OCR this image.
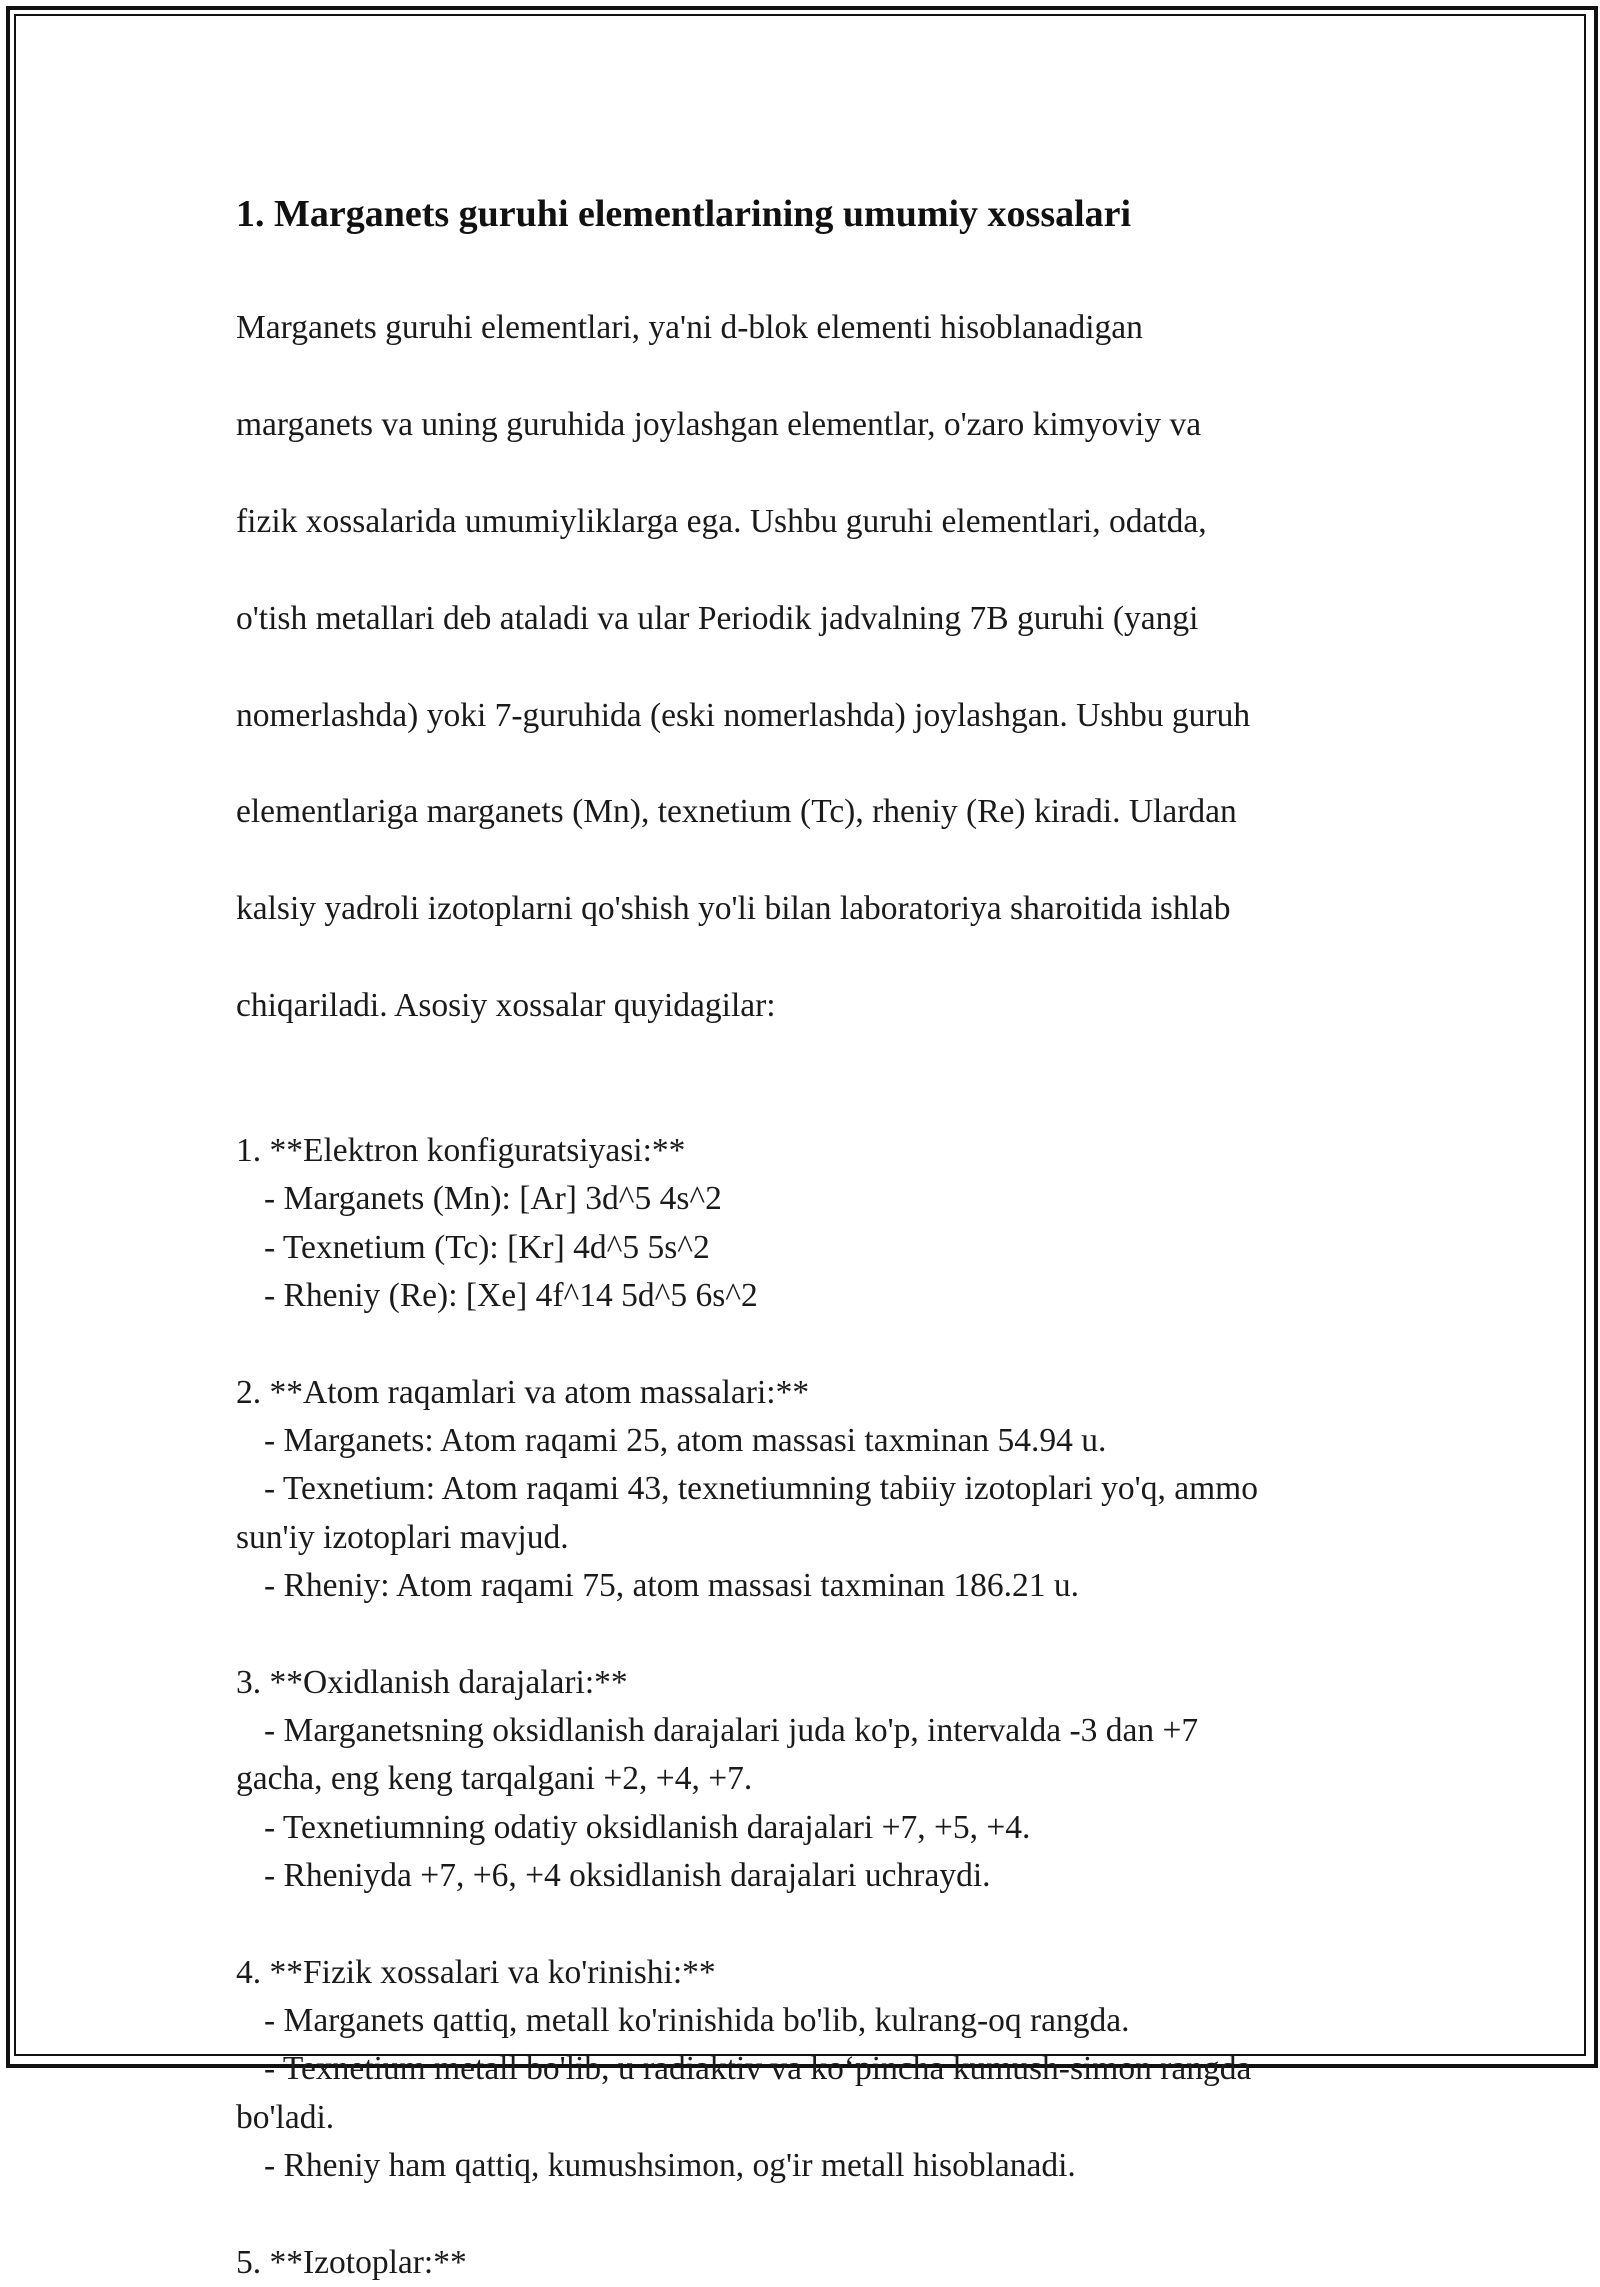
1. Marganets guruhi elementlarining umumiy xossalari

Marganets guruhi elementlari, ya'ni d-blok elementi hisoblanadigan

marganets va uning guruhida joylashgan elementlar, o'zaro kimyoviy va

fizik xossalarida umumiyliklarga ega. Ushbu guruhi elementlari, odatda,

o'tish metallari deb ataladi va ular Periodik jadvalning 7B guruhi (yangi

nomerlashda) yoki 7-guruhida (eski nomerlashda) joylashgan. Ushbu guruh

elementlariga marganets (Mn), texnetium (Tc), rheniy (Re) kiradi. Ulardan

kalsiy yadroli izotoplarni qo'shish yo'li bilan laboratoriya sharoitida ishlab

chiqariladi. Asosiy xossalar quyidagilar:

1. **Elektron konfiguratsiyasi:**
- Marganets (Mn): [Ar] 3d^5 4s^2
- Texnetium (Tc): [Kr] 4d^5 5s^2
- Rheniy (Re): [Xe] 4f^14 5d^5 6s^2
2. **Atom raqamlari va atom massalari:**
- Marganets: Atom raqami 25, atom massasi taxminan 54.94 u.
- Texnetium: Atom raqami 43, texnetiumning tabiiy izotoplari yo'q, ammo
sun'iy izotoplari mavjud.
- Rheniy: Atom raqami 75, atom massasi taxminan 186.21 u.
3. **Oxidlanish darajalari:**
- Marganetsning oksidlanish darajalari juda ko'p, intervalda -3 dan +7
gacha, eng keng tarqalgani +2, +4, +7.
- Texnetiumning odatiy oksidlanish darajalari +7, +5, +4.
- Rheniyda +7, +6, +4 oksidlanish darajalari uchraydi.
4. **Fizik xossalari va ko'rinishi:**
- Marganets qattiq, metall ko'rinishida bo'lib, kulrang-oq rangda.
- Texnetium metall bo'lib, u radiaktiv va ko‘pincha kumush-simon rangda
bo'ladi.
- Rheniy ham qattiq, kumushsimon, og'ir metall hisoblanadi.
5. **Izotoplar:**
